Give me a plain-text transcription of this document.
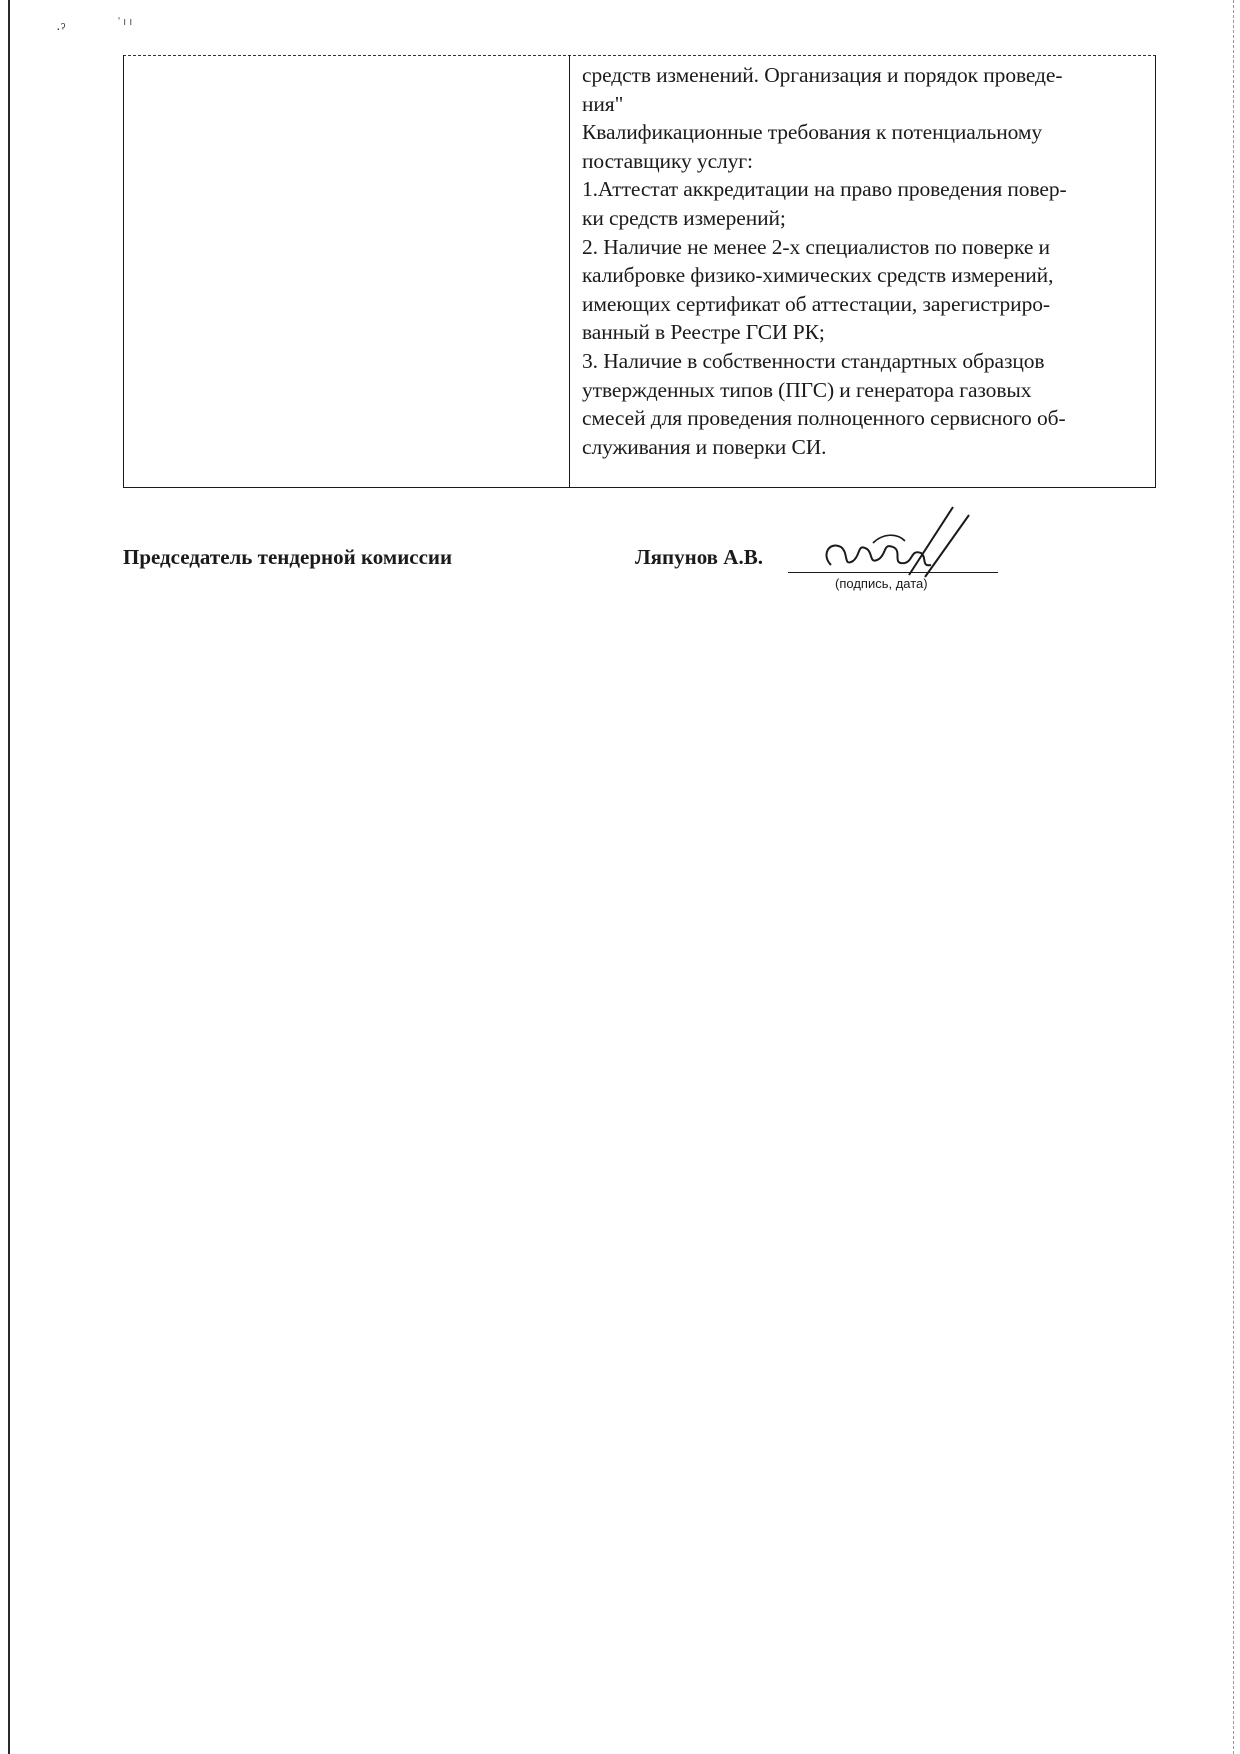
·ˀ	ʹ ı ı
средств изменений. Организация и порядок проведе-
ния"
Квалификационные требования к потенциальному
поставщику услуг:
1.Аттестат аккредитации на право проведения повер-
ки средств измерений;
2. Наличие не менее 2-х специалистов по поверке и
калибровке физико-химических средств измерений,
имеющих сертификат об аттестации, зарегистриро-
ванный в Реестре ГСИ РК;
3. Наличие в собственности стандартных образцов
утвержденных типов (ПГС) и генератора газовых
смесей для проведения полноценного сервисного об-
служивания и поверки СИ.
Председатель тендерной комиссии	Ляпунов А.В.
(подпись, дата)
